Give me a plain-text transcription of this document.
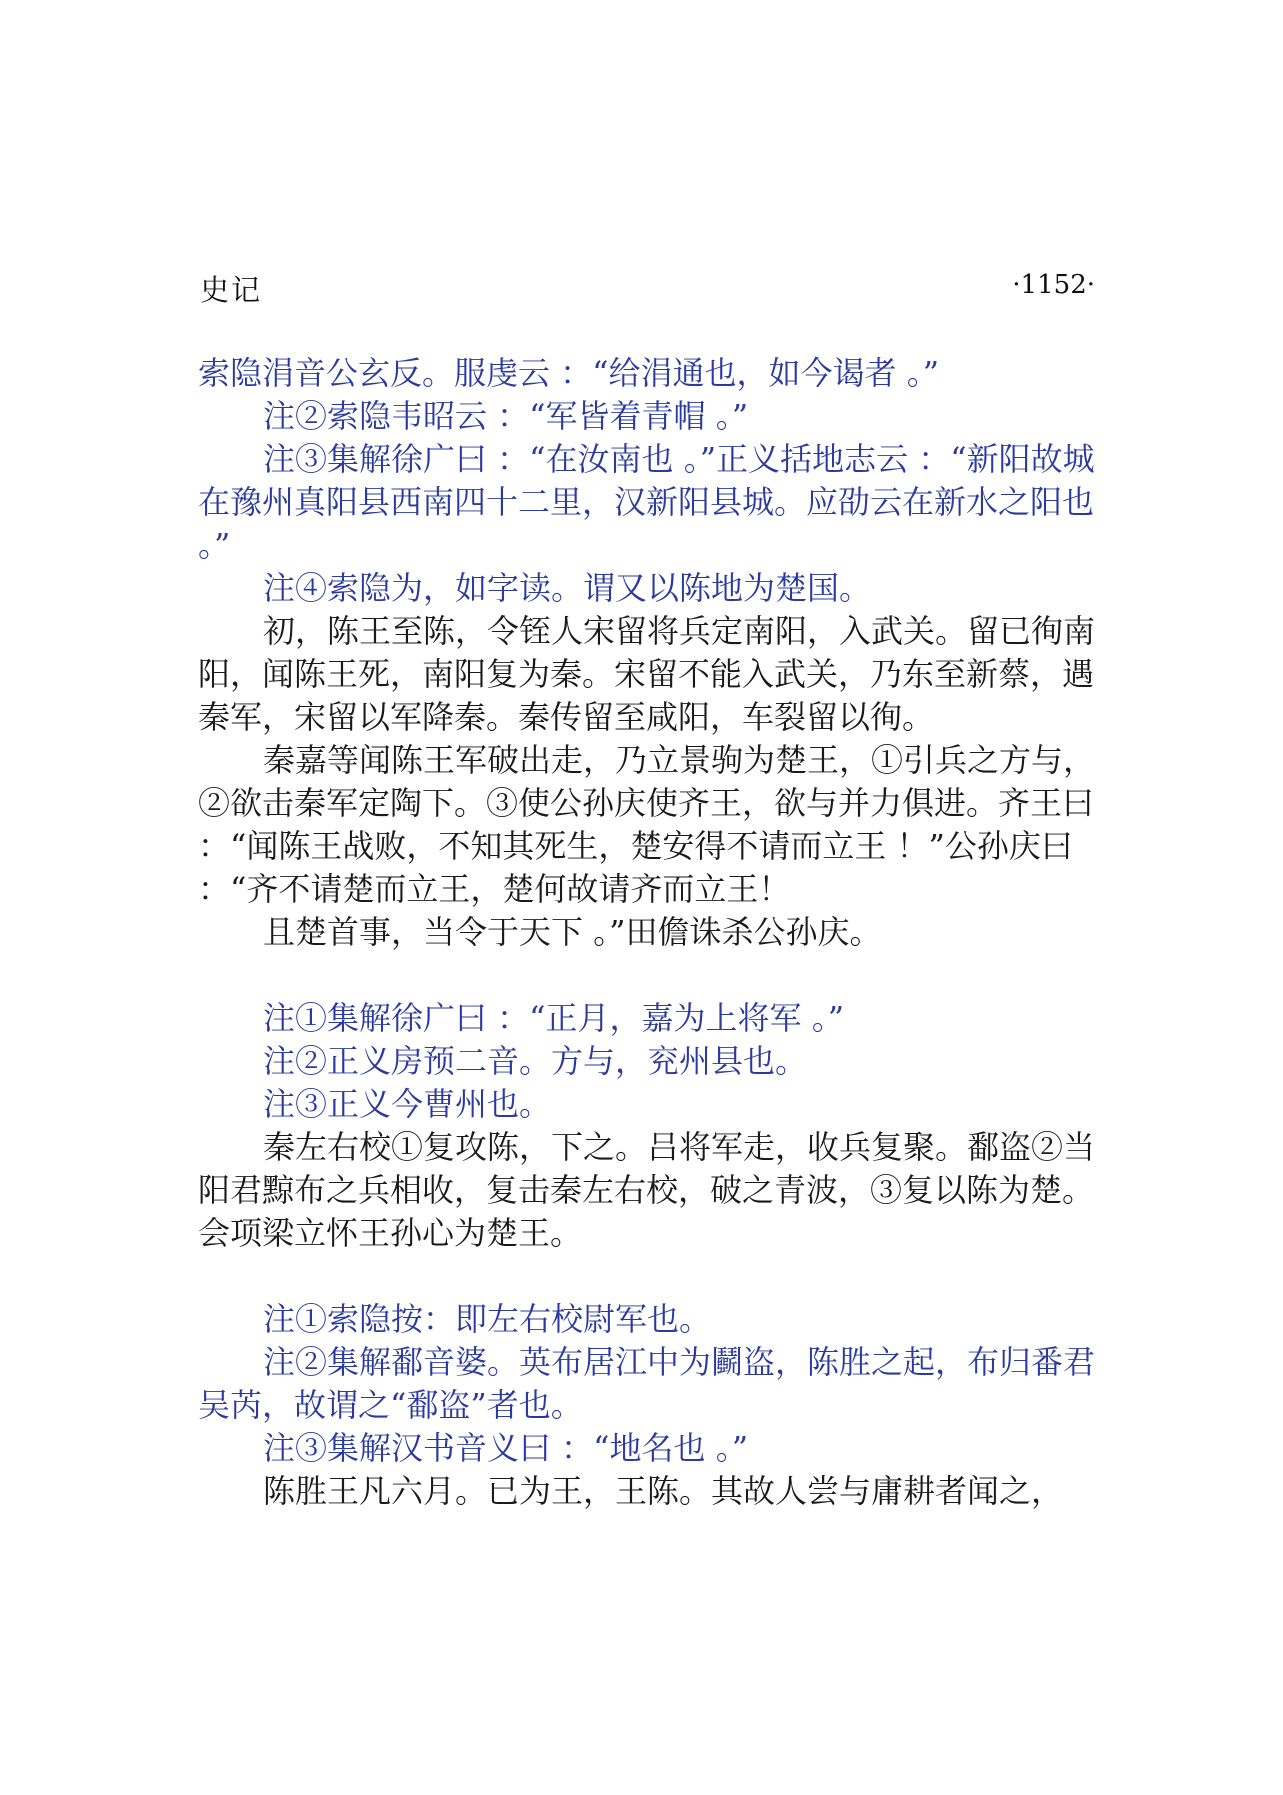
史记	·1152·

索隐涓音公玄反。服虔云 ：“给涓通也，如今谒者 。”

注②索隐韦昭云 ：“军皆着青帽 。”

注③集解徐广曰 ：“在汝南也 。”正义括地志云 ：“新阳故城在豫州真阳县西南四十二里，汉新阳县城。应劭云在新水之阳也 。”

注④索隐为，如字读。谓又以陈地为楚国。

初，陈王至陈，令铚人宋留将兵定南阳，入武关。留已徇南阳，闻陈王死，南阳复为秦。宋留不能入武关，乃东至新蔡，遇秦军，宋留以军降秦。秦传留至咸阳，车裂留以徇。

秦嘉等闻陈王军破出走，乃立景驹为楚王，①引兵之方与，②欲击秦军定陶下。③使公孙庆使齐王，欲与并力俱进。齐王曰 ：“闻陈王战败，不知其死生，楚安得不请而立王 ！”公孙庆曰 ：“齐不请楚而立王，楚何故请齐而立王！

且楚首事，当令于天下 。”田儋诛杀公孙庆。

注①集解徐广曰 ：“正月，嘉为上将军 。”

注②正义房预二音。方与，兖州县也。

注③正义今曹州也。

秦左右校①复攻陈，下之。吕将军走，收兵复聚。鄱盗②当阳君黥布之兵相收，复击秦左右校，破之青波，③复以陈为楚。会项梁立怀王孙心为楚王。

注①索隐按：即左右校尉军也。

注②集解鄱音婆。英布居江中为鬬盗，陈胜之起，布归番君吴芮，故谓之“鄱盗”者也。

注③集解汉书音义曰 ：“地名也 。”

陈胜王凡六月。已为王，王陈。其故人尝与庸耕者闻之，
